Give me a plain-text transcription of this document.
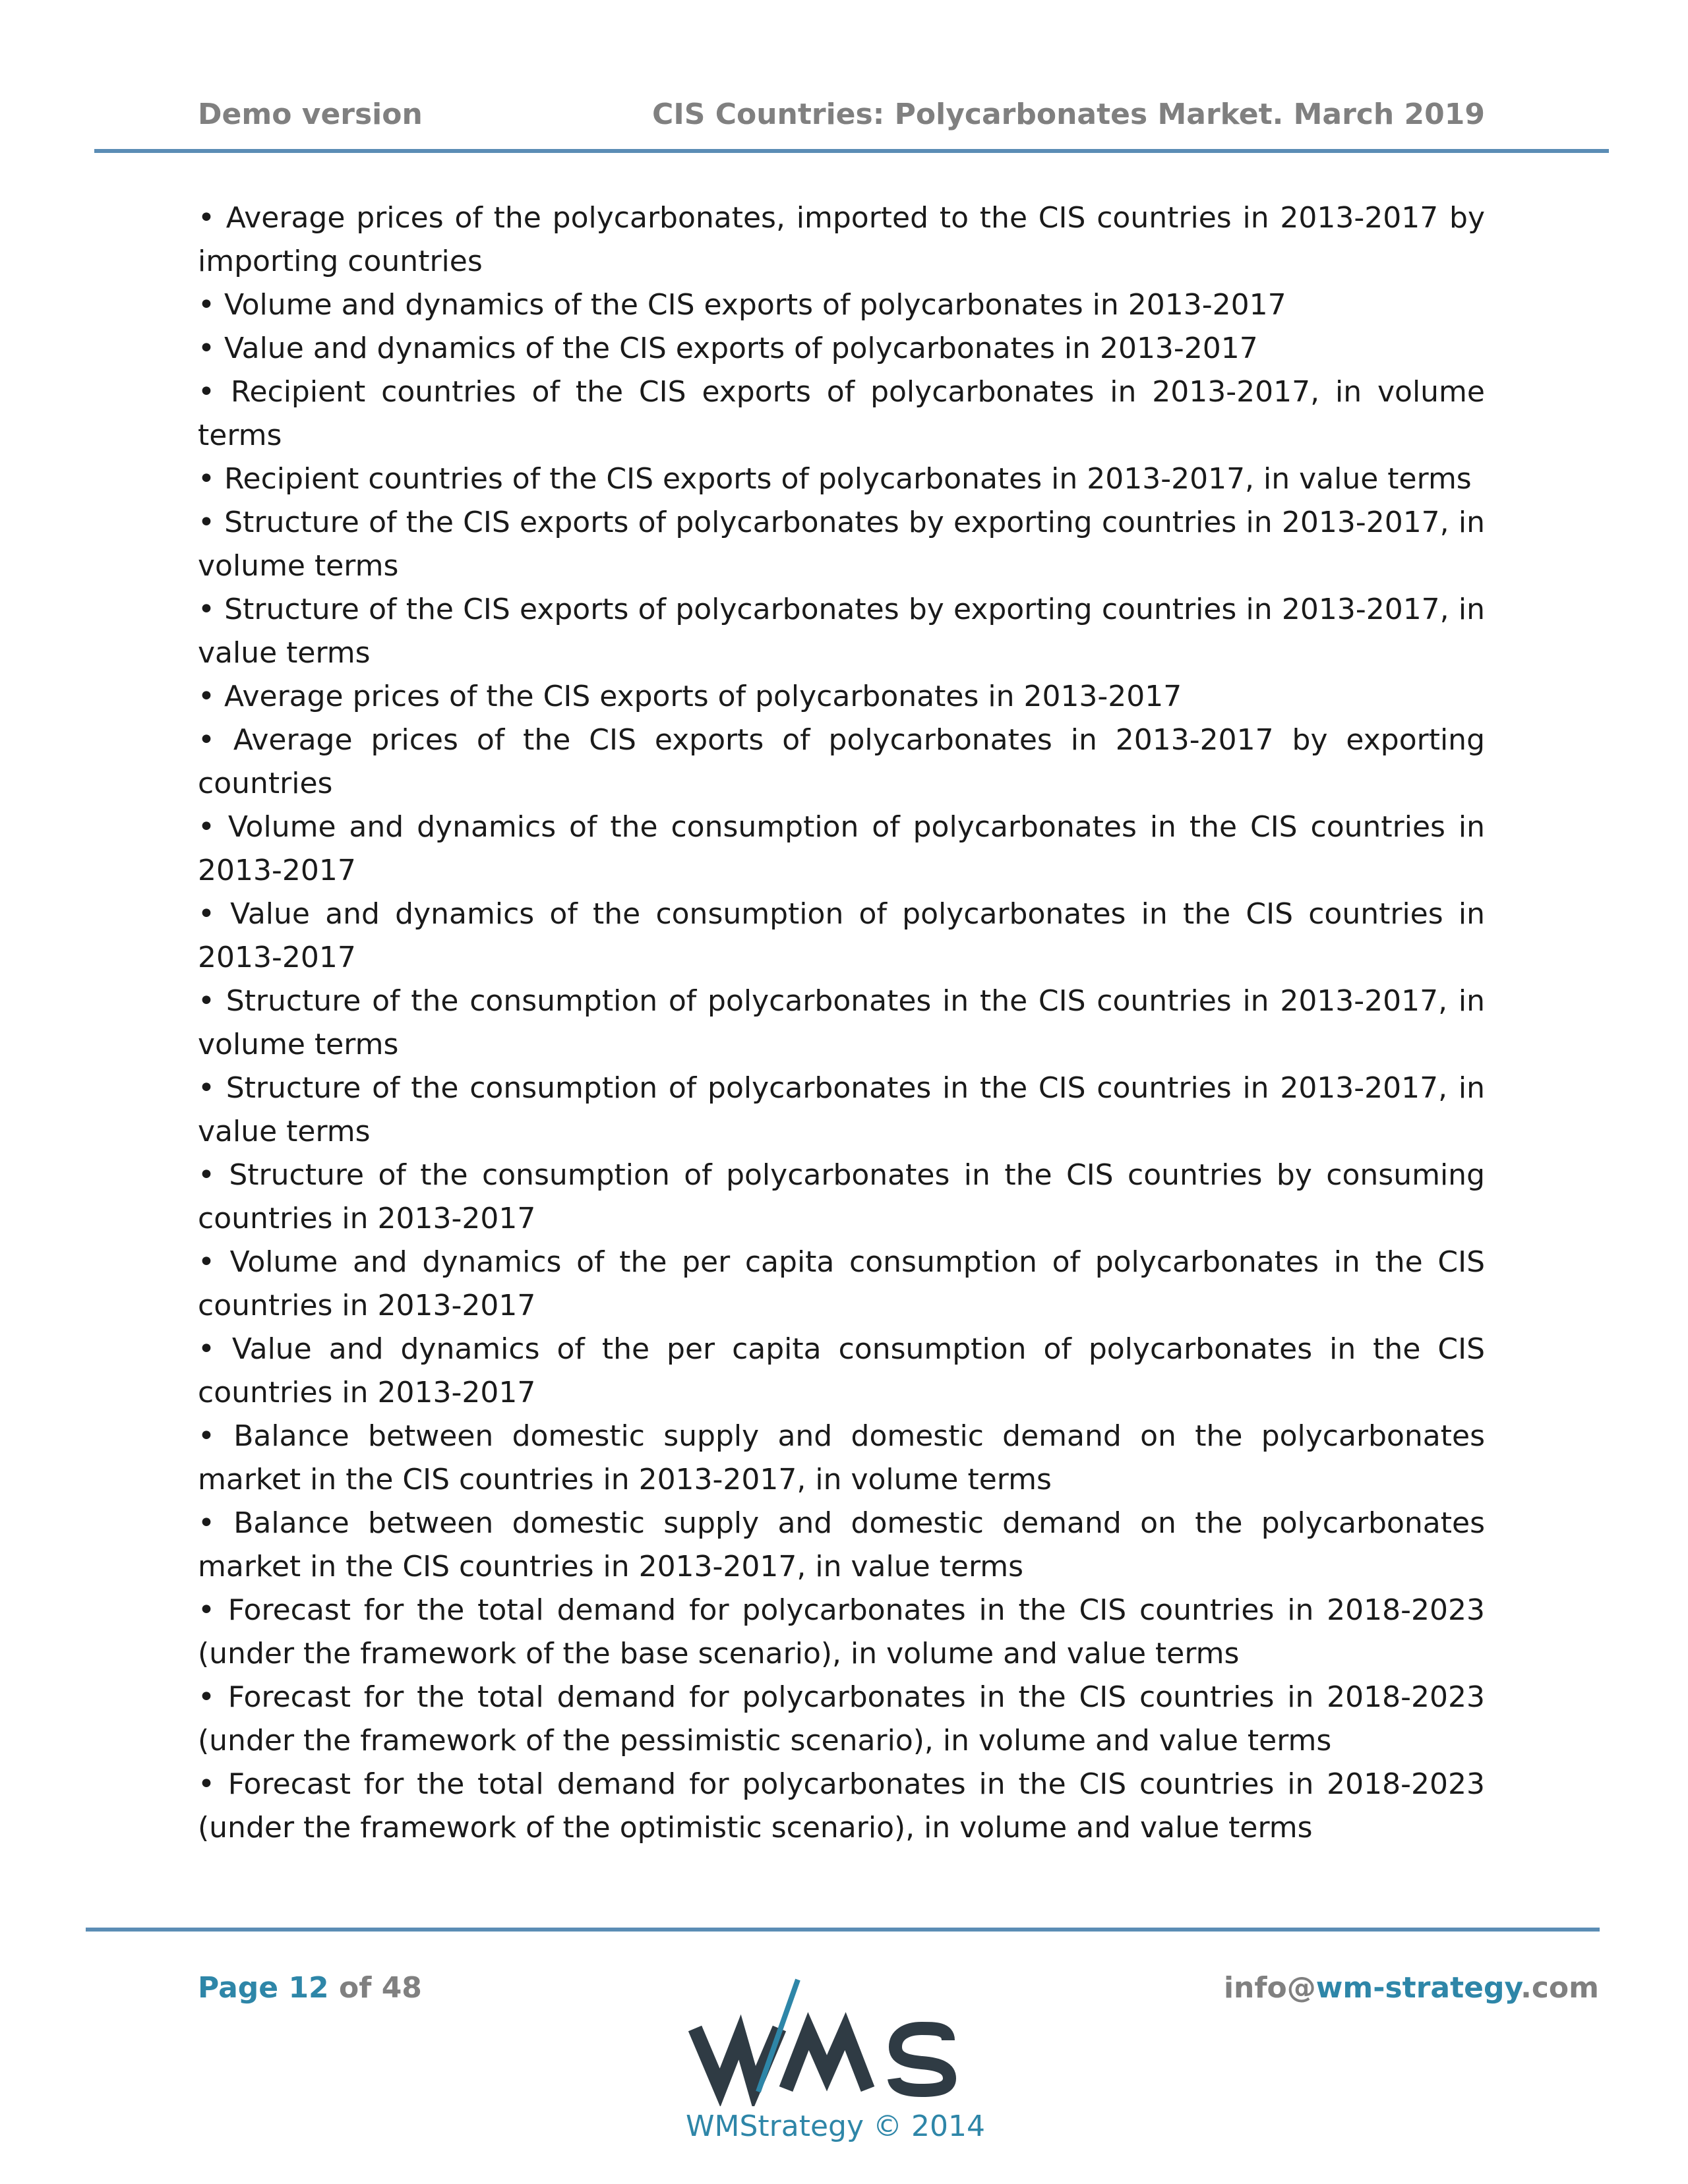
Demo version	CIS Countries: Polycarbonates Market. March 2019

• Average prices of the polycarbonates, imported to the CIS countries in 2013-2017 by importing countries

• Volume and dynamics of the CIS exports of polycarbonates in 2013-2017

• Value and dynamics of the CIS exports of polycarbonates in 2013-2017

• Recipient countries of the CIS exports of polycarbonates in 2013-2017, in volume terms

• Recipient countries of the CIS exports of polycarbonates in 2013-2017, in value terms

• Structure of the CIS exports of polycarbonates by exporting countries in 2013-2017, in volume terms

• Structure of the CIS exports of polycarbonates by exporting countries in 2013-2017, in value terms

• Average prices of the CIS exports of polycarbonates in 2013-2017

• Average prices of the CIS exports of polycarbonates in 2013-2017 by exporting countries

• Volume and dynamics of the consumption of polycarbonates in the CIS countries in 2013-2017

• Value and dynamics of the consumption of polycarbonates in the CIS countries in 2013-2017

• Structure of the consumption of polycarbonates in the CIS countries in 2013-2017, in volume terms

• Structure of the consumption of polycarbonates in the CIS countries in 2013-2017, in value terms

• Structure of the consumption of polycarbonates in the CIS countries by consuming countries in 2013-2017

• Volume and dynamics of the per capita consumption of polycarbonates in the CIS countries in 2013-2017

• Value and dynamics of the per capita consumption of polycarbonates in the CIS countries in 2013-2017

• Balance between domestic supply and domestic demand on the polycarbonates market in the CIS countries in 2013-2017, in volume terms

• Balance between domestic supply and domestic demand on the polycarbonates market in the CIS countries in 2013-2017, in value terms

• Forecast for the total demand for polycarbonates in the CIS countries in 2018-2023 (under the framework of the base scenario), in volume and value terms

• Forecast for the total demand for polycarbonates in the CIS countries in 2018-2023 (under the framework of the pessimistic scenario), in volume and value terms

• Forecast for the total demand for polycarbonates in the CIS countries in 2018-2023 (under the framework of the optimistic scenario), in volume and value terms

Page 12 of 48	info@wm-strategy.com
WMStrategy © 2014
